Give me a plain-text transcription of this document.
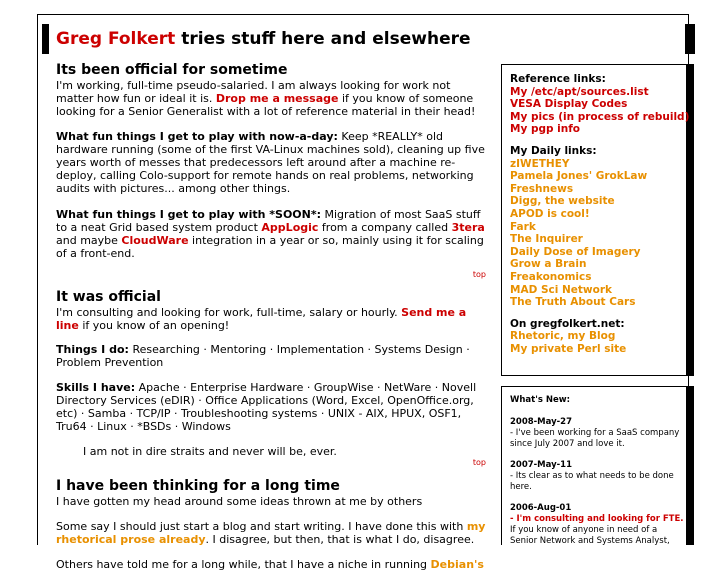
Greg Folkert tries stuff here and elsewhere
Its been official for sometime

I'm working, full-time pseudo-salaried. I am always looking for work not matter how fun or ideal it is. Drop me a message if you know of someone looking for a Senior Generalist with a lot of reference material in their head!

What fun things I get to play with now-a-day: Keep *REALLY* old hardware running (some of the first VA-Linux machines sold), cleaning up five years worth of messes that predecessors left around after a machine re-deploy, calling Colo-support for remote hands on real problems, networking audits with pictures... among other things.

What fun things I get to play with *SOON*: Migration of most SaaS stuff to a neat Grid based system product AppLogic from a company called 3tera and maybe CloudWare integration in a year or so, mainly using it for scaling of a front-end.

top
It was official

I'm consulting and looking for work, full-time, salary or hourly. Send me a line if you know of an opening!

Things I do: Researching · Mentoring · Implementation · Systems Design · Problem Prevention

Skills I have: Apache · Enterprise Hardware · GroupWise · NetWare · Novell Directory Services (eDIR) · Office Applications (Word, Excel, OpenOffice.org, etc) · Samba · TCP/IP · Troubleshooting systems · UNIX - AIX, HPUX, OSF1, Tru64 · Linux · *BSDs · Windows

I am not in dire straits and never will be, ever.

top
I have been thinking for a long time

I have gotten my head around some ideas thrown at me by others

Some say I should just start a blog and start writing. I have done this with my rhetorical prose already. I disagree, but then, that is what I do, disagree.

Others have told me for a long while, that I have a niche in running Debian's

Reference links:
My /etc/apt/sources.list
VESA Display Codes
My pics (in process of rebuild)
My pgp info
My Daily links:
zIWETHEY
Pamela Jones' GrokLaw
Freshnews
Digg, the website
APOD is cool!
Fark
The Inquirer
Daily Dose of Imagery
Grow a Brain
Freakonomics
MAD Sci Network
The Truth About Cars
On gregfolkert.net:
Rhetoric, my Blog
My private Perl site
What's New:
2008-May-27
- I've been working for a SaaS company since July 2007 and love it.
2007-May-11
- Its clear as to what needs to be done here.
2006-Aug-01
- I'm consulting and looking for FTE. If you know of anyone in need of a Senior Network and Systems Analyst,
